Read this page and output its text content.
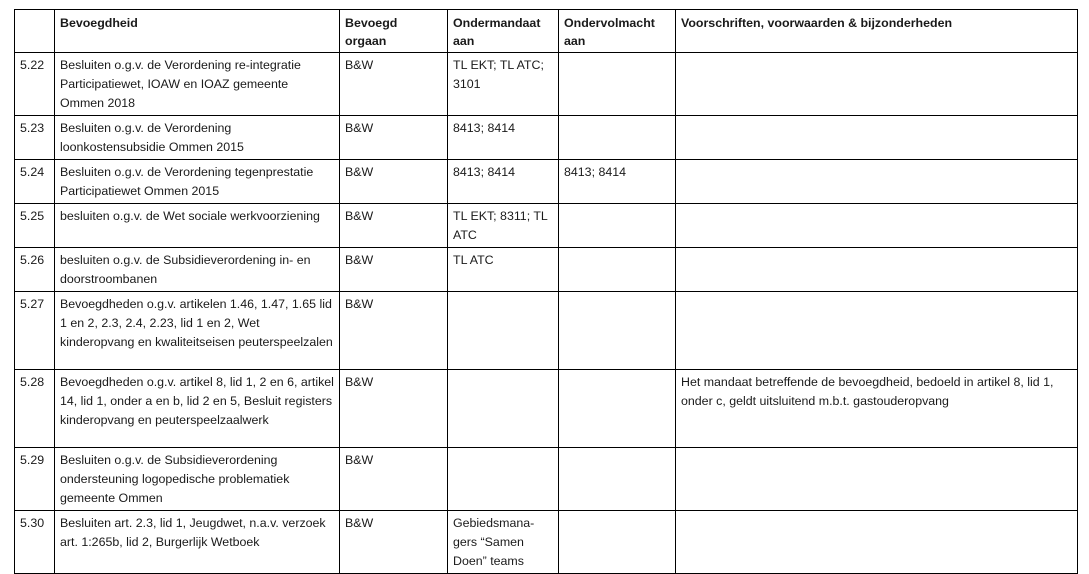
	Bevoegdheid	Bevoegd orgaan	Ondermandaat aan	Ondervolmacht aan	Voorschriften, voorwaarden & bijzonderheden
5.22	Besluiten o.g.v. de Verordening re-integratie Participatiewet, IOAW en IOAZ gemeente Ommen 2018	B&W	TL EKT; TL ATC; 3101		
5.23	Besluiten o.g.v. de Verordening loonkostensubsidie Ommen 2015	B&W	8413; 8414		
5.24	Besluiten o.g.v. de Verordening tegenprestatie Participatiewet Ommen 2015	B&W	8413; 8414	8413; 8414	
5.25	besluiten o.g.v. de Wet sociale werkvoorziening	B&W	TL EKT; 8311; TL ATC		
5.26	besluiten o.g.v. de Subsidieverordening in- en doorstroombanen	B&W	TL ATC		
5.27	Bevoegdheden o.g.v. artikelen 1.46, 1.47, 1.65 lid 1 en 2, 2.3, 2.4, 2.23, lid 1 en 2, Wet kinderopvang en kwaliteitseisen peuterspeelzalen	B&W			
5.28	Bevoegdheden o.g.v. artikel 8, lid 1, 2 en 6, artikel 14, lid 1, onder a en b, lid 2 en 5, Besluit registers kinderopvang en peuterspeelzaalwerk	B&W			Het mandaat betreffende de bevoegdheid, bedoeld in artikel 8, lid 1, onder c, geldt uitsluitend m.b.t. gastouderopvang
5.29	Besluiten o.g.v. de Subsidieverordening ondersteuning logopedische problematiek gemeente Ommen	B&W			
5.30	Besluiten art. 2.3, lid 1, Jeugdwet, n.a.v. verzoek art. 1:265b, lid 2, Burgerlijk Wetboek	B&W	Gebiedsmana-gers “Samen Doen” teams		
